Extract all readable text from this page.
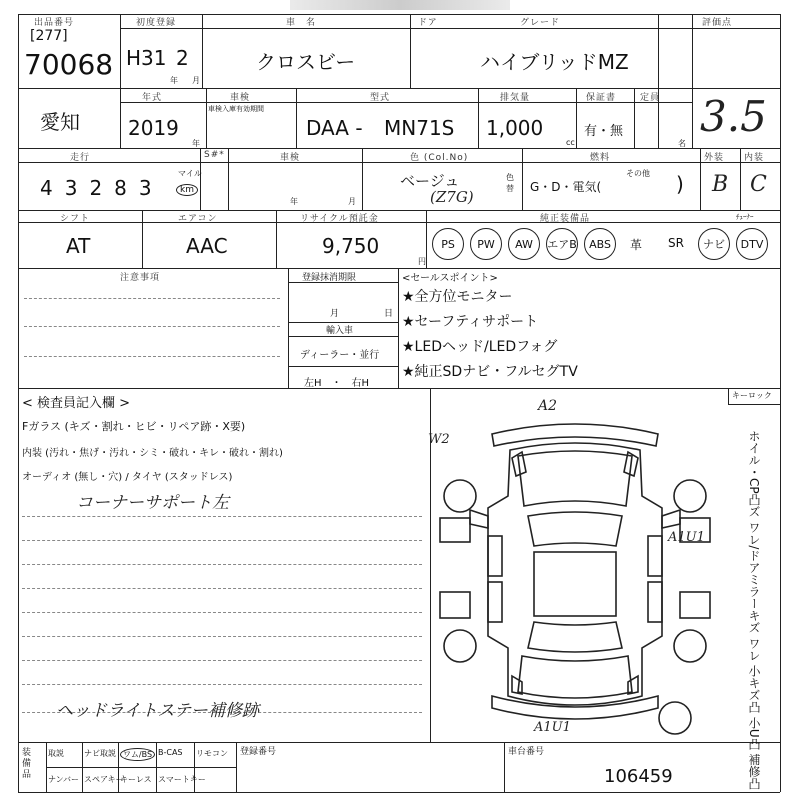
出品番号
[277]
70068
初度登録
H31 2
年 月
車　名
クロスビー
ドア	グレード
ハイブリッドMZ
評価点
3.5
愛知
年式
2019
年
車検
車検入庫有効期間
型式
DAA - MN71S
排気量
1,000
cc
保証書
有・無
定員
名
走行
43283
マイル
km
S#*	車検
年	月
色 (Col.No)
ベージュ
(Z7G)
色替
燃料
G・D・電気(
その他 )
外装
B
内装
C
シフト
AT
エアコン
AAC
リサイクル預託金
9,750
円
純正装備品	ﾁｭｰﾅｰ
PS	PW	AW	エアB	ABS	革	SR	ナビ	DTV
注意事項	登録抹消期限
月	日
輸入車
ディーラー・並行
左H　・　右H
<セールスポイント>
★全方位モニター
★セーフティサポート
★LEDヘッド/LEDフォグ
★純正SDナビ・フルセグTV
< 検査員記入欄 >
Fガラス (キズ・割れ・ヒビ・リペア跡・X要)
内装 (汚れ・焦げ・汚れ・シミ・破れ・キレ・破れ・割れ)
オーディオ (無し・穴) / タイヤ (スタッドレス)
コーナーサポート左
ヘッドライトステー補修跡
キーロック
ホイル・CP凸ズ ワレ/ドアミラーキズ ワレ 小キズ凸 小U凸 補修凸
A2
W2
A1U1
A1U1
装備品
取説	ナビ取説 ワム/BS B-CAS リモコン
ナンバー スペアキー
キーレス スマートキー
登録番号	車台番号
106459
